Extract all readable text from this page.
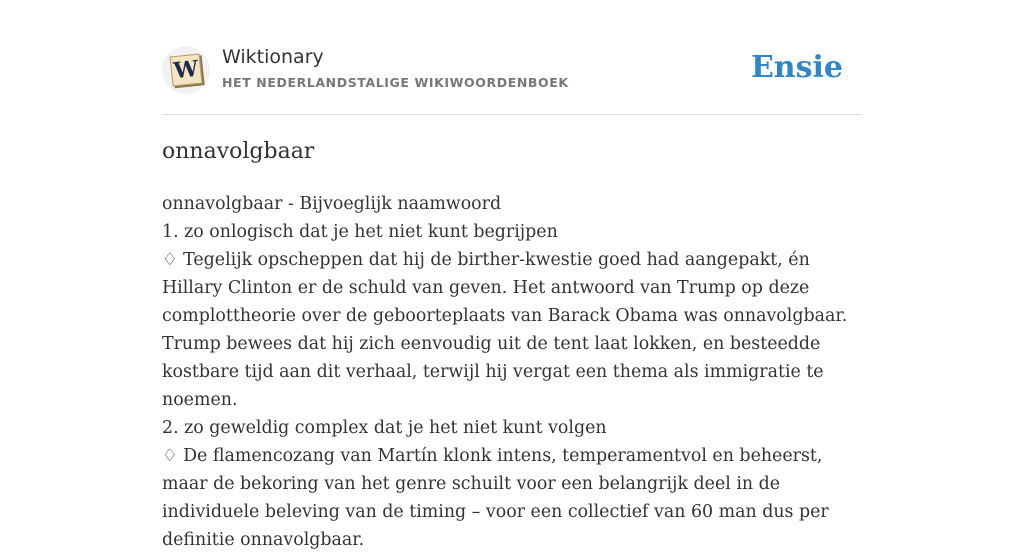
W Wiktionary
HET NEDERLANDSTALIGE WIKIWOORDENBOEK	Ensie
onnavolgbaar
onnavolgbaar - Bijvoeglijk naamwoord
1. zo onlogisch dat je het niet kunt begrijpen
♢ Tegelijk opscheppen dat hij de birther-kwestie goed had aangepakt, én Hillary Clinton er de schuld van geven. Het antwoord van Trump op deze complottheorie over de geboorteplaats van Barack Obama was onnavolgbaar. Trump bewees dat hij zich eenvoudig uit de tent laat lokken, en besteedde kostbare tijd aan dit verhaal, terwijl hij vergat een thema als immigratie te noemen.
2. zo geweldig complex dat je het niet kunt volgen
♢ De flamencozang van Martín klonk intens, temperamentvol en beheerst, maar de bekoring van het genre schuilt voor een belangrijk deel in de individuele beleving van de timing – voor een collectief van 60 man dus per definitie onnavolgbaar.
